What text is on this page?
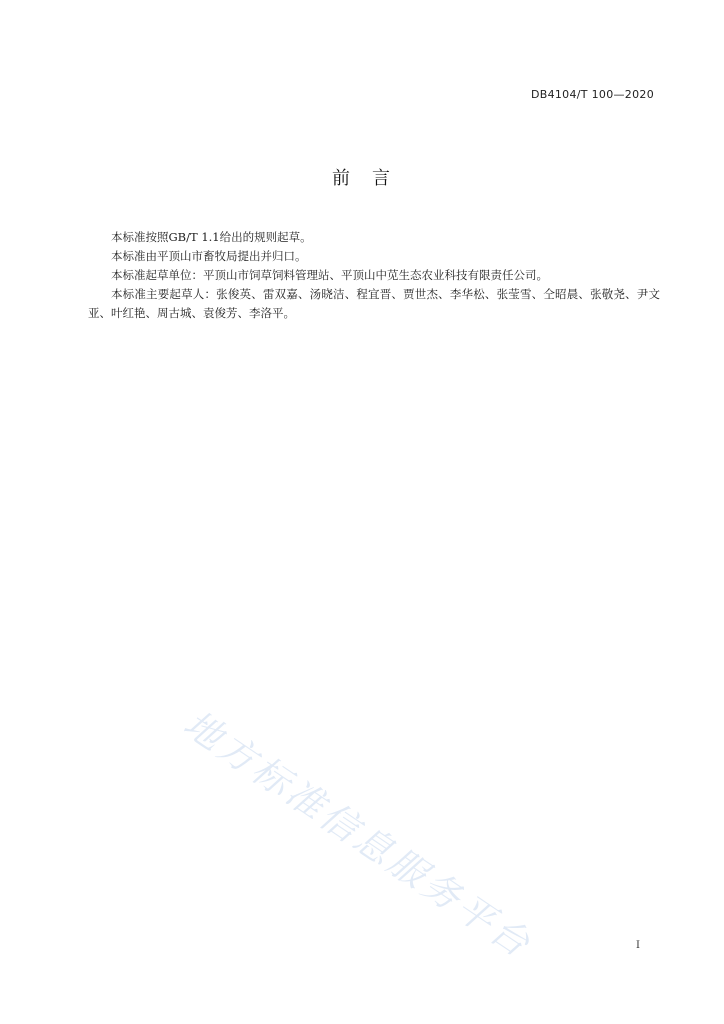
DB4104/T 100—2020
前　言

本标准按照GB/T 1.1给出的规则起草。

本标准由平顶山市畜牧局提出并归口。

本标准起草单位：平顶山市饲草饲料管理站、平顶山中苋生态农业科技有限责任公司。

本标准主要起草人：张俊英、雷双嘉、汤晓洁、程宜晋、贾世杰、李华松、张莹雪、仝昭晨、张敬尧、尹文亚、叶红艳、周古城、袁俊芳、李洛平。

地方标准信息服务平台	I
